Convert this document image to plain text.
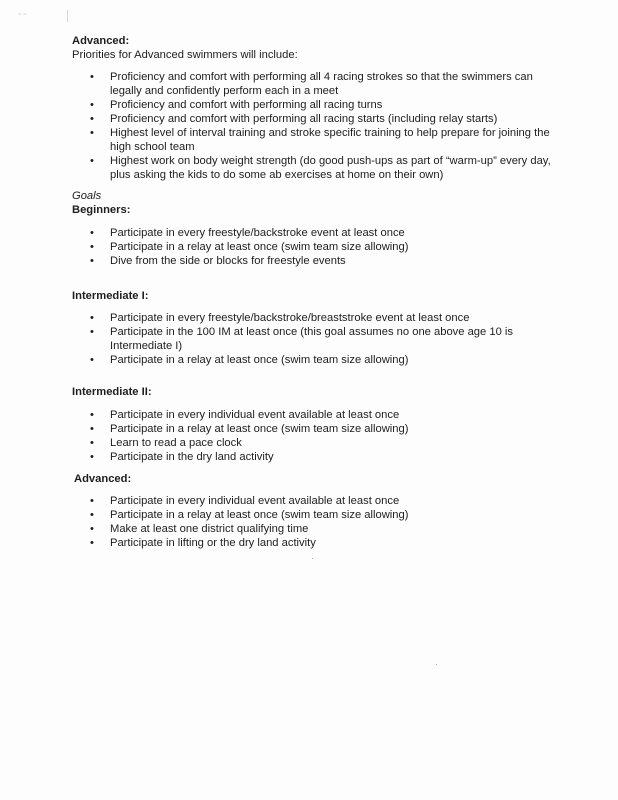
~ ~

Advanced:

Priorities for Advanced swimmers will include:

• Proficiency and comfort with performing all 4 racing strokes so that the swimmers can legally and confidently perform each in a meet
• Proficiency and comfort with performing all racing turns
• Proficiency and comfort with performing all racing starts (including relay starts)
• Highest level of interval training and stroke specific training to help prepare for joining the high school team
• Highest work on body weight strength (do good push-ups as part of “warm-up” every day, plus asking the kids to do some ab exercises at home on their own)

Goals

Beginners:

• Participate in every freestyle/backstroke event at least once
• Participate in a relay at least once (swim team size allowing)
• Dive from the side or blocks for freestyle events

Intermediate I:

• Participate in every freestyle/backstroke/breaststroke event at least once
• Participate in the 100 IM at least once (this goal assumes no one above age 10 is Intermediate I)
• Participate in a relay at least once (swim team size allowing)

Intermediate II:

• Participate in every individual event available at least once
• Participate in a relay at least once (swim team size allowing)
• Learn to read a pace clock
• Participate in the dry land activity

Advanced:

• Participate in every individual event available at least once
• Participate in a relay at least once (swim team size allowing)
• Make at least one district qualifying time
• Participate in lifting or the dry land activity
